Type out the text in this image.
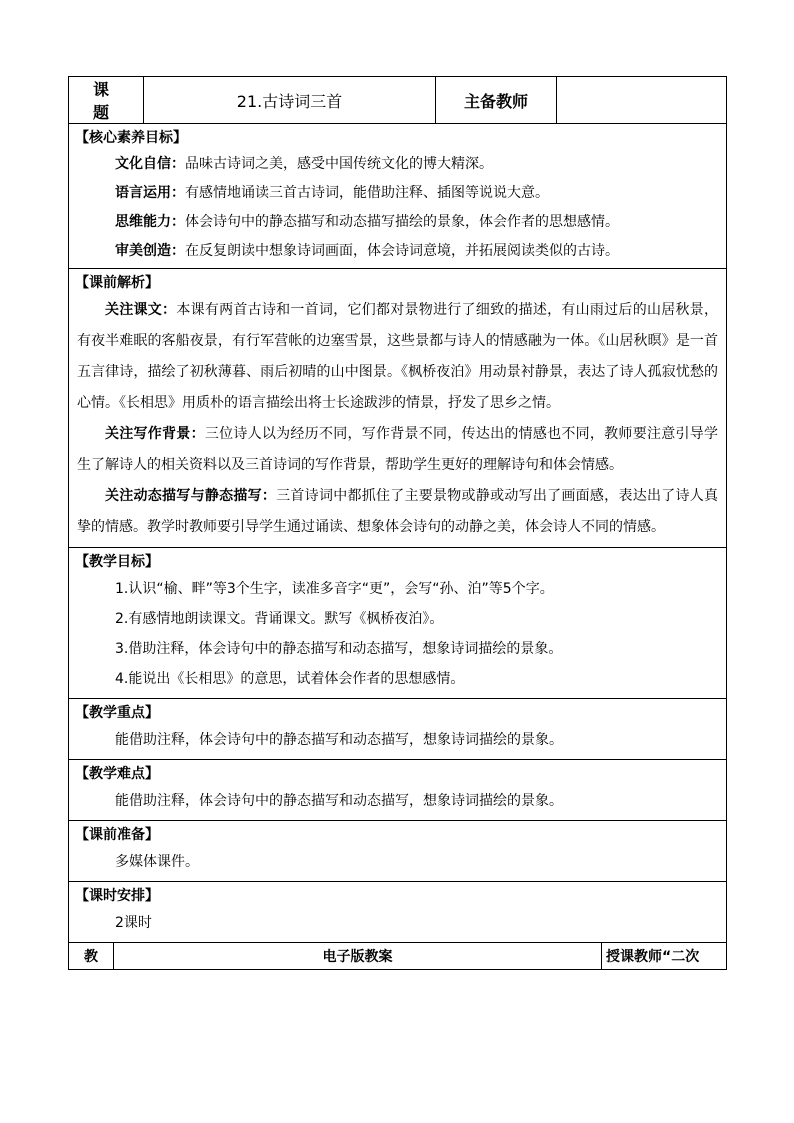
课　题	21.古诗词三首	主备教师	

【核心素养目标】
文化自信：品味古诗词之美，感受中国传统文化的博大精深。
语言运用：有感情地诵读三首古诗词，能借助注释、插图等说说大意。
思维能力：体会诗句中的静态描写和动态描写描绘的景象，体会作者的思想感情。
审美创造：在反复朗读中想象诗词画面，体会诗词意境，并拓展阅读类似的古诗。

【课前解析】
关注课文：本课有两首古诗和一首词，它们都对景物进行了细致的描述，有山雨过后的山居秋景，有夜半难眠的客船夜景，有行军营帐的边塞雪景，这些景都与诗人的情感融为一体。《山居秋暝》是一首五言律诗，描绘了初秋薄暮、雨后初晴的山中图景。《枫桥夜泊》用动景衬静景，表达了诗人孤寂忧愁的心情。《长相思》用质朴的语言描绘出将士长途跋涉的情景，抒发了思乡之情。
关注写作背景：三位诗人以为经历不同，写作背景不同，传达出的情感也不同，教师要注意引导学生了解诗人的相关资料以及三首诗词的写作背景，帮助学生更好的理解诗句和体会情感。
关注动态描写与静态描写：三首诗词中都抓住了主要景物或静或动写出了画面感，表达出了诗人真挚的情感。教学时教师要引导学生通过诵读、想象体会诗句的动静之美，体会诗人不同的情感。

【教学目标】
1.认识“榆、畔”等3个生字，读准多音字“更”，会写“孙、泊”等5个字。
2.有感情地朗读课文。背诵课文。默写《枫桥夜泊》。
3.借助注释，体会诗句中的静态描写和动态描写，想象诗词描绘的景象。
4.能说出《长相思》的意思，试着体会作者的思想感情。

【教学重点】
能借助注释，体会诗句中的静态描写和动态描写，想象诗词描绘的景象。

【教学难点】
能借助注释，体会诗句中的静态描写和动态描写，想象诗词描绘的景象。

【课前准备】
多媒体课件。

【课时安排】
2课时
教	电子版教案	授课教师“二次
